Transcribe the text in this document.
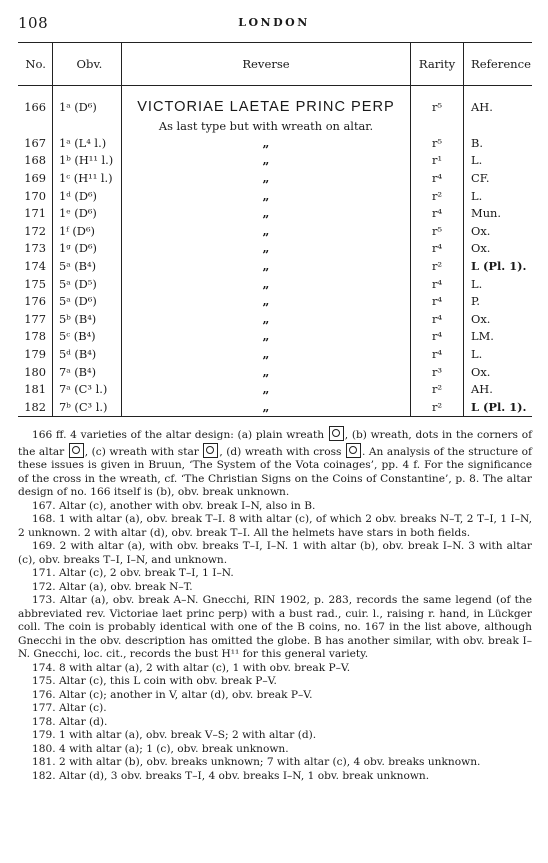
108	LONDON
No.	Obv.	Reverse	Rarity	Reference

166	1ᵃ (D⁶)	VICTORIAE LAETAE PRINC PERP	r⁵	AH.
		As last type but with wreath on altar.		
167	1ᵃ (L⁴ l.)	„	r⁵	B.
168	1ᵇ (H¹¹ l.)	„	r¹	L.
169	1ᶜ (H¹¹ l.)	„	r⁴	CF.
170	1ᵈ (D⁶)	„	r²	L.
171	1ᵉ (D⁶)	„	r⁴	Mun.
172	1ᶠ (D⁶)	„	r⁵	Ox.
173	1ᵍ (D⁶)	„	r⁴	Ox.
174	5ᵃ (B⁴)	„	r²	L (Pl. 1).
175	5ᵃ (D⁵)	„	r⁴	L.
176	5ᵃ (D⁶)	„	r⁴	P.
177	5ᵇ (B⁴)	„	r⁴	Ox.
178	5ᶜ (B⁴)	„	r⁴	LM.
179	5ᵈ (B⁴)	„	r⁴	L.
180	7ᵃ (B⁴)	„	r³	Ox.
181	7ᵃ (C³ l.)	„	r²	AH.
182	7ᵇ (C³ l.)	„	r²	L (Pl. 1).

166 ff. 4 varieties of the altar design: (a) plain wreath , (b) wreath, dots in the corners of the altar , (c) wreath with star , (d) wreath with cross . An analysis of the structure of these issues is given in Bruun, ‘The System of the Vota coinages’, pp. 4 f. For the significance of the cross in the wreath, cf. ‘The Christian Signs on the Coins of Constantine’, p. 8. The altar design of no. 166 itself is (b), obv. break unknown.

167. Altar (c), another with obv. break I–N, also in B.

168. 1 with altar (a), obv. break T–I. 8 with altar (c), of which 2 obv. breaks N–T, 2 T–I, 1 I–N, 2 unknown. 2 with altar (d), obv. break T–I. All the helmets have stars in both fields.

169. 2 with altar (a), with obv. breaks T–I, I–N. 1 with altar (b), obv. break I–N. 3 with altar (c), obv. breaks T–I, I–N, and unknown.

171. Altar (c), 2 obv. break T–I, 1 I–N.

172. Altar (a), obv. break N–T.

173. Altar (a), obv. break A–N. Gnecchi, RIN 1902, p. 283, records the same legend (of the abbreviated rev. Victoriae laet princ perp) with a bust rad., cuir. l., raising r. hand, in Lückger coll. The coin is probably identical with one of the B coins, no. 167 in the list above, although Gnecchi in the obv. description has omitted the globe. B has another similar, with obv. break I–N. Gnecchi, loc. cit., records the bust H¹¹ for this general variety.

174. 8 with altar (a), 2 with altar (c), 1 with obv. break P–V.

175. Altar (c), this L coin with obv. break P–V.

176. Altar (c); another in V, altar (d), obv. break P–V.

177. Altar (c).

178. Altar (d).

179. 1 with altar (a), obv. break V–S; 2 with altar (d).

180. 4 with altar (a); 1 (c), obv. break unknown.

181. 2 with altar (b), obv. breaks unknown; 7 with altar (c), 4 obv. breaks unknown.

182. Altar (d), 3 obv. breaks T–I, 4 obv. breaks I–N, 1 obv. break unknown.
